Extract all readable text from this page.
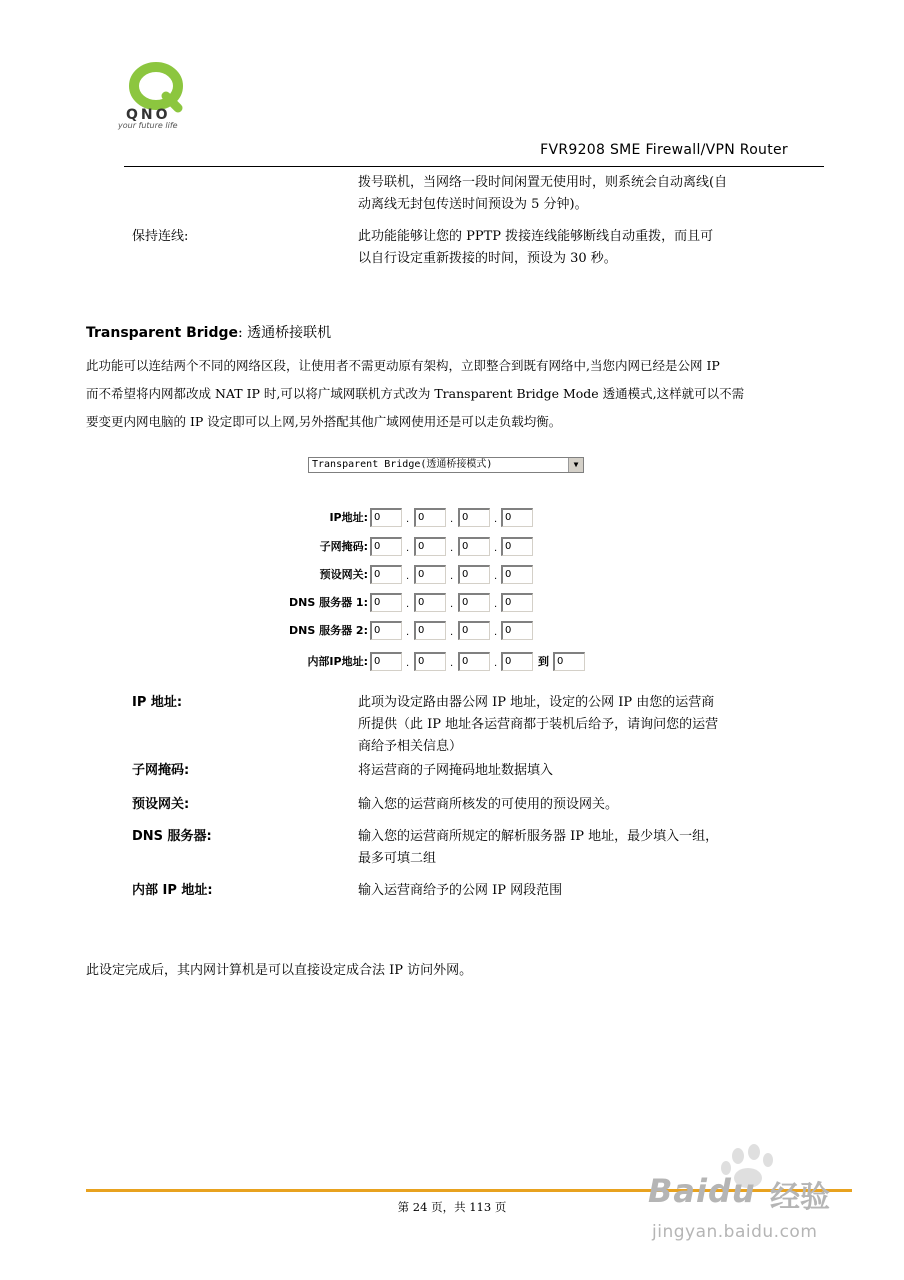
QNO
your future life
FVR9208 SME Firewall/VPN Router
拨号联机，当网络一段时间闲置无使用时，则系统会自动离线(自
动离线无封包传送时间预设为 5 分钟)。
保持连线:	此功能能够让您的 PPTP 拨接连线能够断线自动重拨，而且可
以自行设定重新拨接的时间，预设为 30 秒。
Transparent Bridge: 透通桥接联机
此功能可以连结两个不同的网络区段，让使用者不需更动原有架构，立即整合到既有网络中,当您内网已经是公网 IP
而不希望将内网都改成 NAT IP 时,可以将广域网联机方式改为 Transparent Bridge Mode 透通模式,这样就可以不需
要变更内网电脑的 IP 设定即可以上网,另外搭配其他广域网使用还是可以走负载均衡。
Transparent Bridge(透通桥接模式)	▼
IP地址: 0	. 0	. 0	. 0
子网掩码: 0	. 0	. 0	. 0
预设网关: 0	. 0	. 0	. 0
DNS 服务器 1: 0	. 0	. 0	. 0
DNS 服务器 2: 0	. 0	. 0	. 0
内部IP地址: 0	. 0	. 0	. 0	到 0
IP 地址:	此项为设定路由器公网 IP 地址，设定的公网 IP 由您的运营商
所提供（此 IP 地址各运营商都于装机后给予，请询问您的运营
商给予相关信息）
子网掩码:	将运营商的子网掩码地址数据填入
预设网关:	输入您的运营商所核发的可使用的预设网关。
DNS 服务器:	输入您的运营商所规定的解析服务器 IP 地址，最少填入一组，
最多可填二组
内部 IP 地址:	输入运营商给予的公网 IP 网段范围
此设定完成后，其内网计算机是可以直接设定成合法 IP 访问外网。
第 24 页，共 113 页	Baidu 经验
jingyan.baidu.com
